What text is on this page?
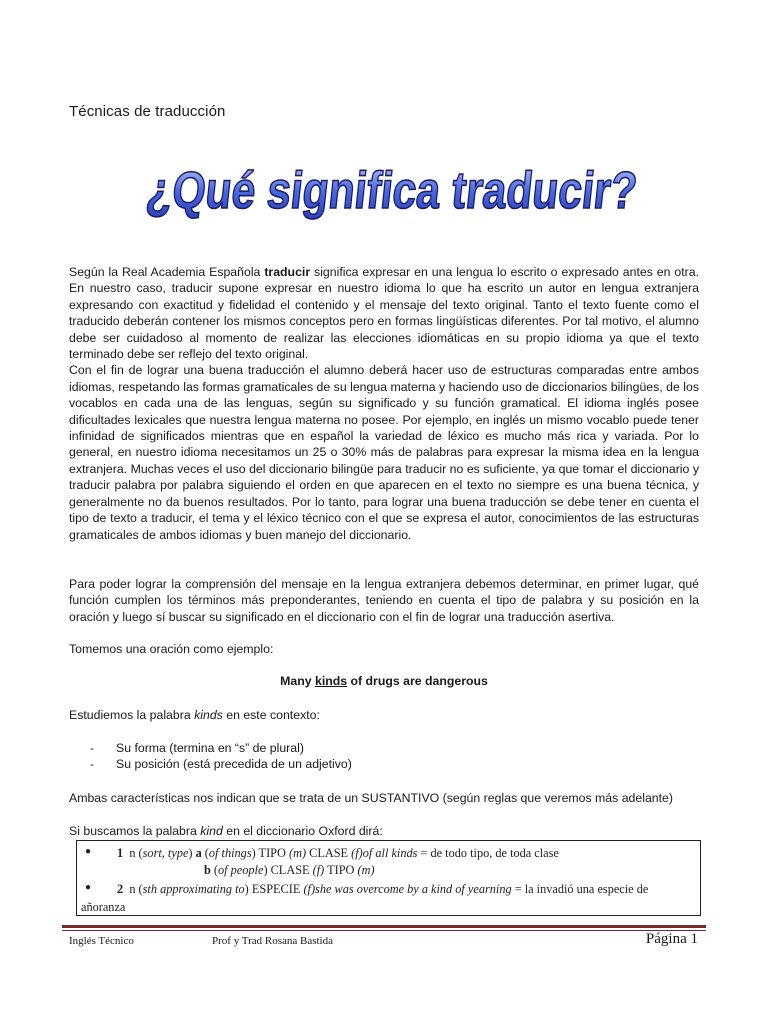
Técnicas de traducción
¿Qué significa traducir?
Según la Real Academia Española traducir significa expresar en una lengua lo escrito o expresado antes en otra. En nuestro caso, traducir supone expresar en nuestro idioma lo que ha escrito un autor en lengua extranjera expresando con exactitud y fidelidad el contenido y el mensaje del texto original. Tanto el texto fuente como el traducido deberán contener los mismos conceptos pero en formas lingüísticas diferentes. Por tal motivo, el alumno debe ser cuidadoso al momento de realizar las elecciones idiomáticas en su propio idioma ya que el texto terminado debe ser reflejo del texto original.
Con el fin de lograr una buena traducción el alumno deberá hacer uso de estructuras comparadas entre ambos idiomas, respetando las formas gramaticales de su lengua materna y haciendo uso de diccionarios bilingües, de los vocablos en cada una de las lenguas, según su significado y su función gramatical. El idioma inglés posee dificultades lexicales que nuestra lengua materna no posee. Por ejemplo, en inglés un mismo vocablo puede tener infinidad de significados mientras que en español la variedad de léxico es mucho más rica y variada. Por lo general, en nuestro idioma necesitamos un 25 o 30% más de palabras para expresar la misma idea en la lengua extranjera. Muchas veces el uso del diccionario bilingüe para traducir no es suficiente, ya que tomar el diccionario y traducir palabra por palabra siguiendo el orden en que aparecen en el texto no siempre es una buena técnica, y generalmente no da buenos resultados. Por lo tanto, para lograr una buena traducción se debe tener en cuenta el tipo de texto a traducir, el tema y el léxico técnico con el que se expresa el autor, conocimientos de las estructuras gramaticales de ambos idiomas y buen manejo del diccionario.
Para poder lograr la comprensión del mensaje en la lengua extranjera debemos determinar, en primer lugar, qué función cumplen los términos más preponderantes, teniendo en cuenta el tipo de palabra y su posición en la oración y luego sí buscar su significado en el diccionario con el fin de lograr una traducción asertiva.
Tomemos una oración como ejemplo:
Many kinds of drugs are dangerous
Estudiemos la palabra kinds en este contexto:
- Su forma (termina en “s” de plural)
- Su posición (está precedida de un adjetivo)
Ambas características nos indican que se trata de un SUSTANTIVO (según reglas que veremos más adelante)
Si buscamos la palabra kind en el diccionario Oxford dirá:
● 1 n (sort, type) a (of things) TIPO (m) CLASE (f)of all kinds = de todo tipo, de toda clase
b (of people) CLASE (f) TIPO (m)
● 2 n (sth approximating to) ESPECIE (f)she was overcome by a kind of yearning = la invadió una especie de
añoranza
Inglés Técnico	Prof y Trad Rosana Bastida	Página 1
